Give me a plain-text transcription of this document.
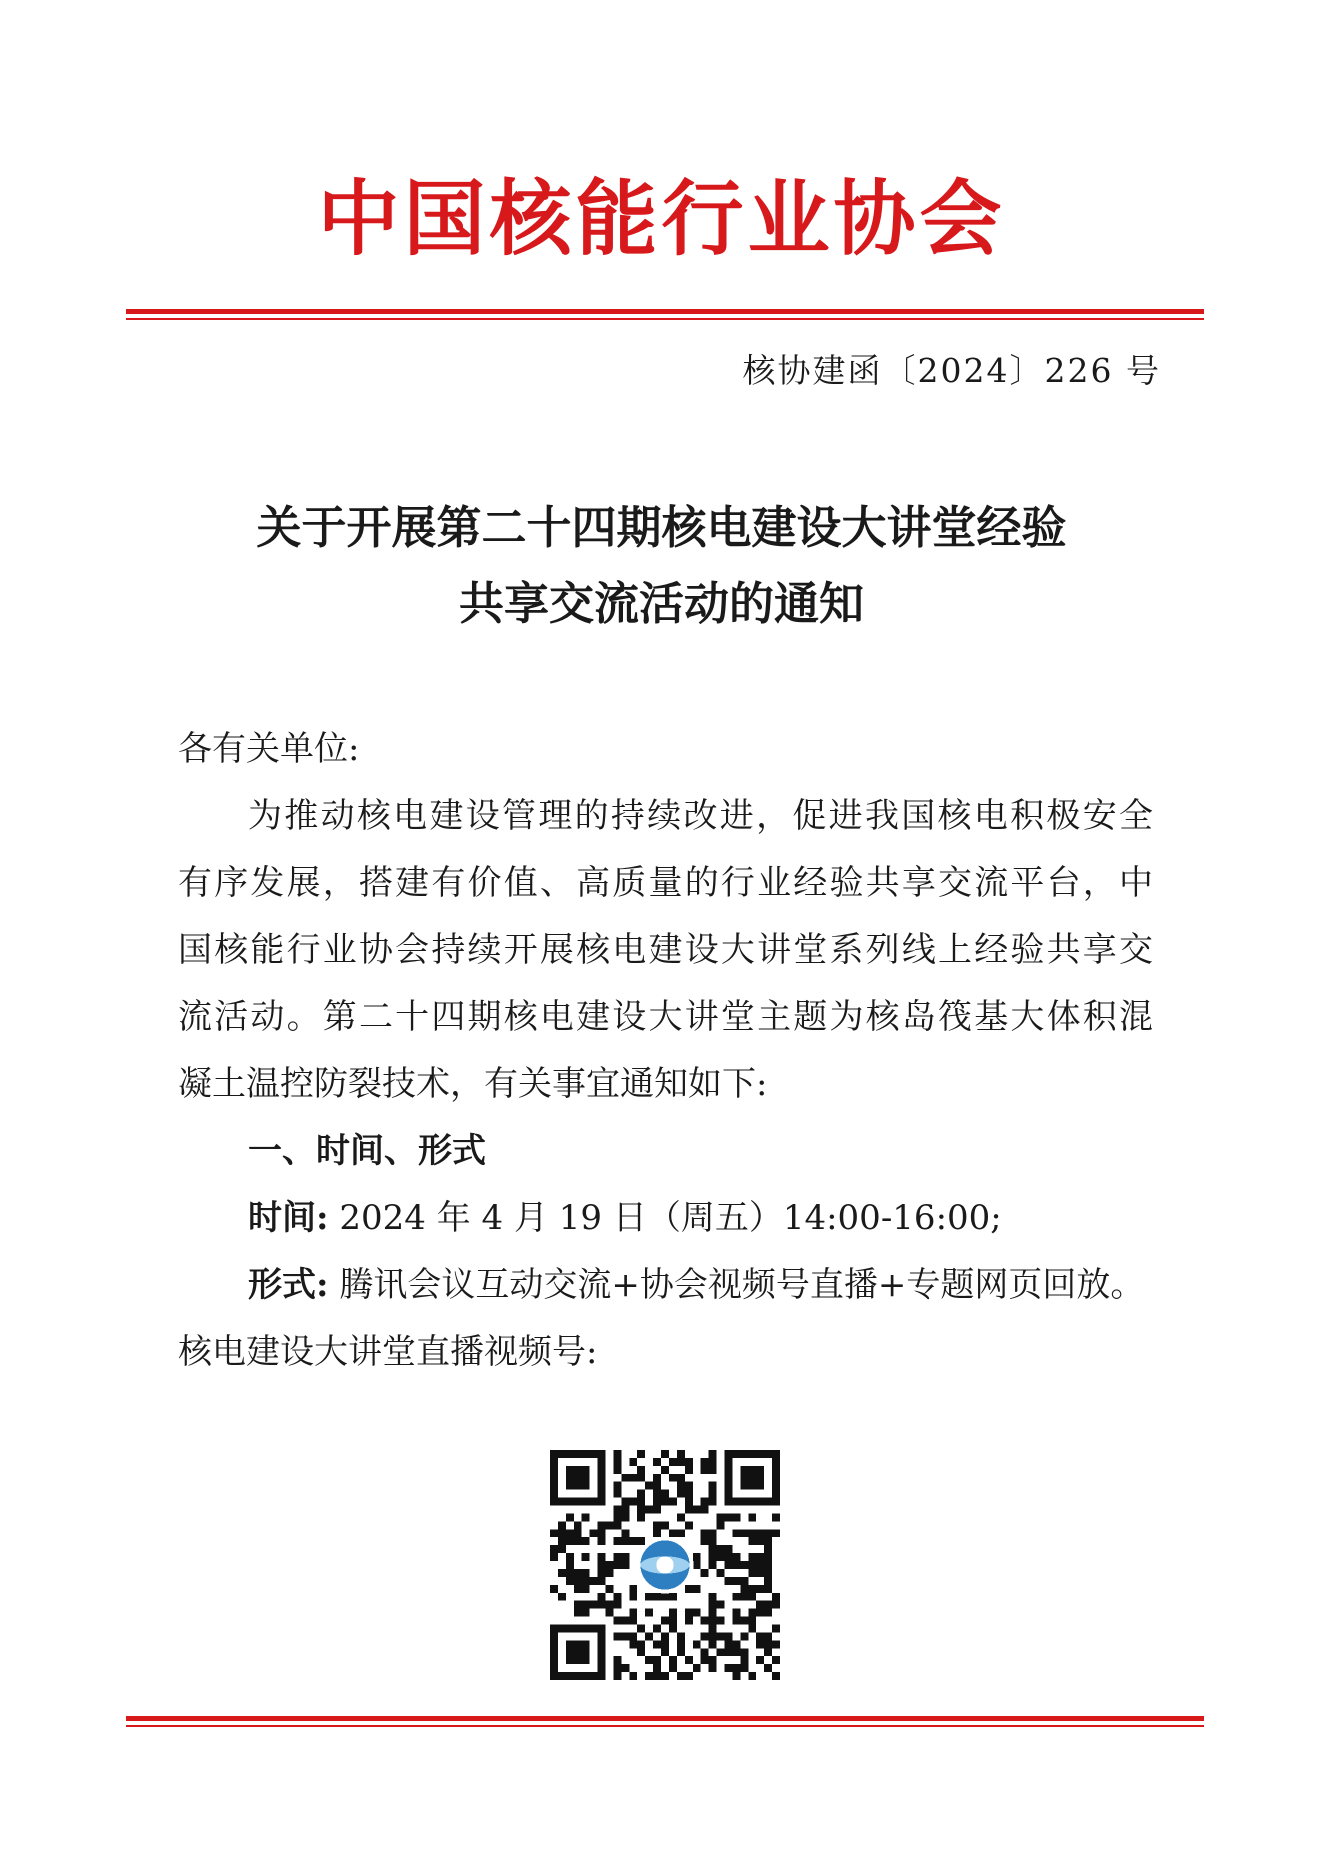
中国核能行业协会
核协建函〔2024〕226 号
关于开展第二十四期核电建设大讲堂经验
共享交流活动的通知

各有关单位:

为推动核电建设管理的持续改进，促进我国核电积极安全

有序发展，搭建有价值、高质量的行业经验共享交流平台，中

国核能行业协会持续开展核电建设大讲堂系列线上经验共享交

流活动。第二十四期核电建设大讲堂主题为核岛筏基大体积混

凝土温控防裂技术，有关事宜通知如下:

一、时间、形式

时间: 2024 年 4 月 19 日（周五）14:00-16:00;

形式: 腾讯会议互动交流+协会视频号直播+专题网页回放。

核电建设大讲堂直播视频号:
